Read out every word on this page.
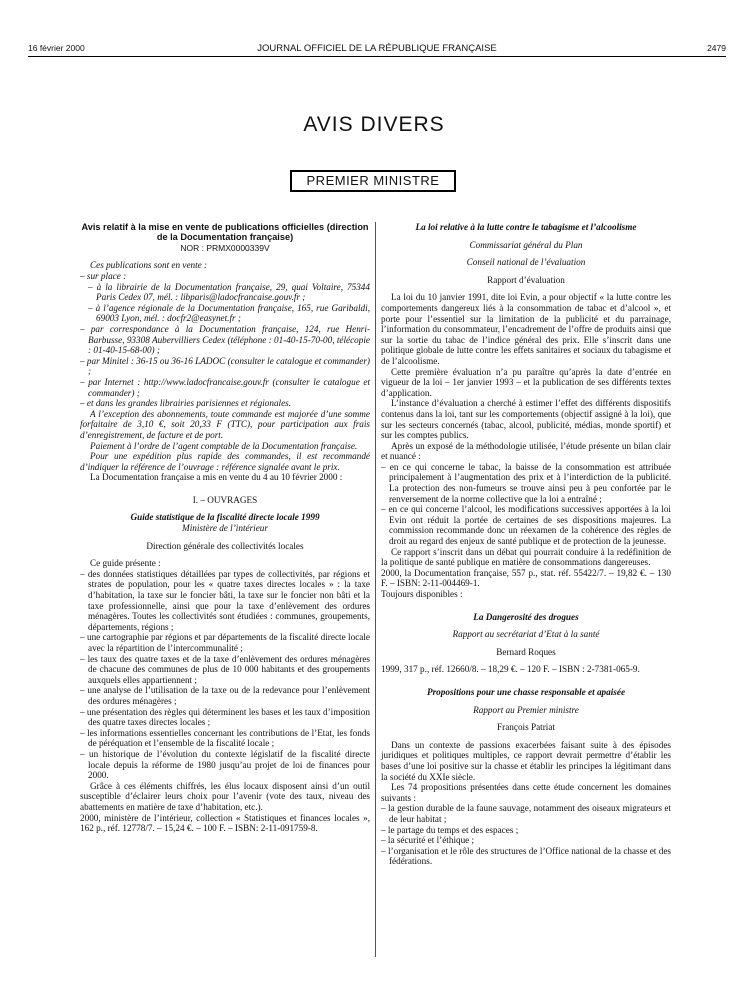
16 février 2000	JOURNAL OFFICIEL DE LA RÉPUBLIQUE FRANÇAISE	2479
AVIS DIVERS
PREMIER MINISTRE

Avis relatif à la mise en vente de publications officielles (direction de la Documentation française)

NOR : PRMX0000339V

Ces publications sont en vente :

– sur place :

– à la librairie de la Documentation française, 29, quai Voltaire, 75344 Paris Cedex 07, mél. : libparis@ladocfrancaise.gouv.fr ;

– à l’agence régionale de la Documentation française, 165, rue Garibaldi, 69003 Lyon, mél. : docfr2@easynet.fr ;

– par correspondance à la Documentation française, 124, rue Henri-Barbusse, 93308 Aubervilliers Cedex (téléphone : 01-40-15-70-00, télécopie : 01-40-15-68-00) ;

– par Minitel : 36-15 ou 36-16 LADOC (consulter le catalogue et commander) ;

– par Internet : http://www.ladocfrancaise.gouv.fr (consulter le catalogue et commander) ;

– et dans les grandes librairies parisiennes et régionales.

A l’exception des abonnements, toute commande est majorée d’une somme forfaitaire de 3,10 €, soit 20,33 F (TTC), pour participation aux frais d’enregistrement, de facture et de port.

Paiement à l’ordre de l’agent comptable de la Documentation française.

Pour une expédition plus rapide des commandes, il est recommandé d’indiquer la référence de l’ouvrage : référence signalée avant le prix.

La Documentation française a mis en vente du 4 au 10 février 2000 :

I. – OUVRAGES

Guide statistique de la fiscalité directe locale 1999

Ministère de l’intérieur

Direction générale des collectivités locales

Ce guide présente :

– des données statistiques détaillées par types de collectivités, par régions et strates de population, pour les « quatre taxes directes locales » : la taxe d’habitation, la taxe sur le foncier bâti, la taxe sur le foncier non bâti et la taxe professionnelle, ainsi que pour la taxe d’enlèvement des ordures ménagères. Toutes les collectivités sont étudiées : communes, groupements, départements, régions ;

– une cartographie par régions et par départements de la fiscalité directe locale avec la répartition de l’intercommunalité ;

– les taux des quatre taxes et de la taxe d’enlèvement des ordures ménagères de chacune des communes de plus de 10 000 habitants et des groupements auxquels elles appartiennent ;

– une analyse de l’utilisation de la taxe ou de la redevance pour l’enlèvement des ordures ménagères ;

– une présentation des règles qui déterminent les bases et les taux d’imposition des quatre taxes directes locales ;

– les informations essentielles concernant les contributions de l’Etat, les fonds de péréquation et l’ensemble de la fiscalité locale ;

– un historique de l’évolution du contexte législatif de la fiscalité directe locale depuis la réforme de 1980 jusqu’au projet de loi de finances pour 2000.

Grâce à ces éléments chiffrés, les élus locaux disposent ainsi d’un outil susceptible d’éclairer leurs choix pour l’avenir (vote des taux, niveau des abattements en matière de taxe d’habitation, etc.).

2000, ministère de l’intérieur, collection « Statistiques et finances locales », 162 p., réf. 12778/7. – 15,24 €. – 100 F. – ISBN: 2-11-091759-8.

La loi relative à la lutte contre le tabagisme et l’alcoolisme

Commissariat général du Plan

Conseil national de l’évaluation

Rapport d’évaluation

La loi du 10 janvier 1991, dite loi Evin, a pour objectif « la lutte contre les comportements dangereux liés à la consommation de tabac et d’alcool », et porte pour l’essentiel sur la limitation de la publicité et du parrainage, l’information du consommateur, l’encadrement de l’offre de produits ainsi que sur la sortie du tabac de l’indice général des prix. Elle s’inscrit dans une politique globale de lutte contre les effets sanitaires et sociaux du tabagisme et de l’alcoolisme.

Cette première évaluation n’a pu paraître qu’après la date d’entrée en vigueur de la loi – 1er janvier 1993 – et la publication de ses différents textes d’application.

L’instance d’évaluation a cherché à estimer l’effet des différents dispositifs contenus dans la loi, tant sur les comportements (objectif assigné à la loi), que sur les secteurs concernés (tabac, alcool, publicité, médias, monde sportif) et sur les comptes publics.

Après un exposé de la méthodologie utilisée, l’étude présente un bilan clair et nuancé :

– en ce qui concerne le tabac, la baisse de la consommation est attribuée principalement à l’augmentation des prix et à l’interdiction de la publicité. La protection des non-fumeurs se trouve ainsi peu à peu confortée par le renversement de la norme collective que la loi a entraîné ;

– en ce qui concerne l’alcool, les modifications successives apportées à la loi Evin ont réduit la portée de certaines de ses dispositions majeures. La commission recommande donc un réexamen de la cohérence des règles de droit au regard des enjeux de santé publique et de protection de la jeunesse.

Ce rapport s’inscrit dans un débat qui pourrait conduire à la redéfinition de la politique de santé publique en matière de consommations dangereuses.

2000, la Documentation française, 557 p., stat. réf. 55422/7. – 19,82 €. – 130 F. – ISBN: 2-11-004469-1.

Toujours disponibles :

La Dangerosité des drogues

Rapport au secrétariat d’Etat à la santé

Bernard Roques

1999, 317 p., réf. 12660/8. – 18,29 €. – 120 F. – ISBN : 2-7381-065-9.

Propositions pour une chasse responsable et apaisée

Rapport au Premier ministre

François Patriat

Dans un contexte de passions exacerbées faisant suite à des épisodes juridiques et politiques multiples, ce rapport devrait permettre d’établir les bases d’une loi positive sur la chasse et établir les principes la légitimant dans la société du XXIe siècle.

Les 74 propositions présentées dans cette étude concernent les domaines suivants :

– la gestion durable de la faune sauvage, notamment des oiseaux migrateurs et de leur habitat ;

– le partage du temps et des espaces ;

– la sécurité et l’éthique ;

– l’organisation et le rôle des structures de l’Office national de la chasse et des fédérations.
